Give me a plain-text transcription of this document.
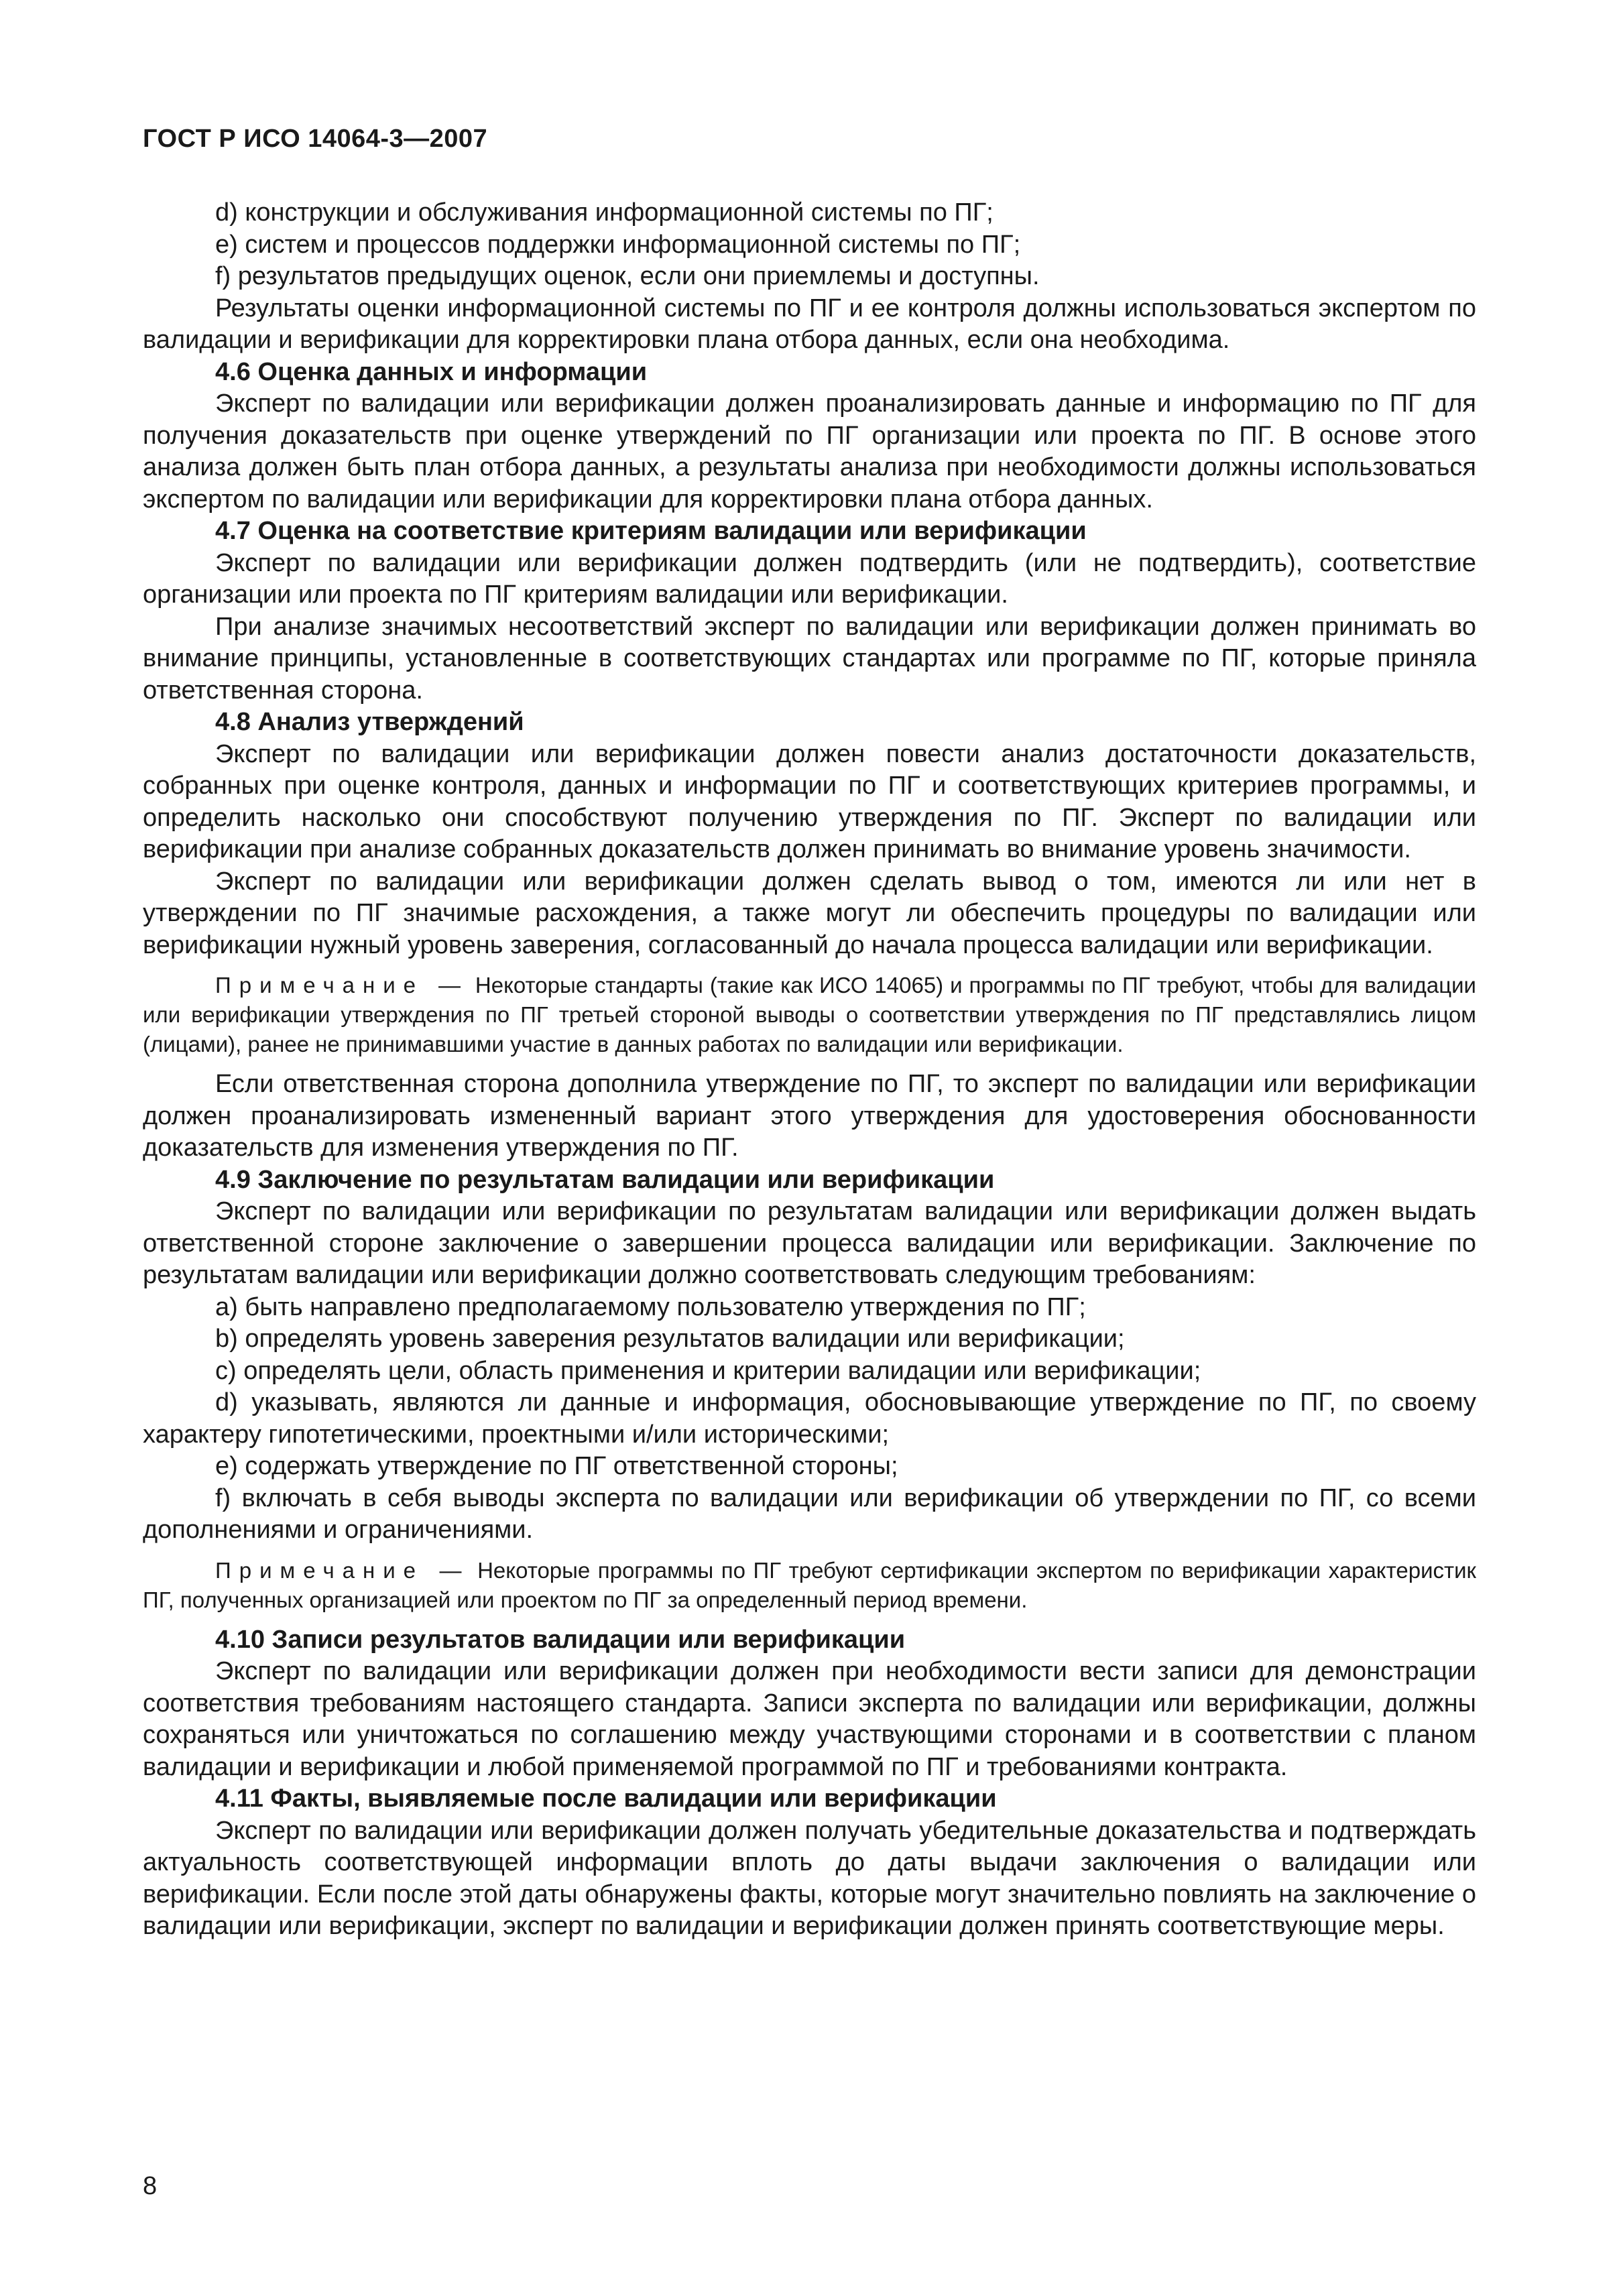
ГОСТ Р ИСО 14064-3—2007

d) конструкции и обслуживания информационной системы по ПГ;

e) систем и процессов поддержки информационной системы по ПГ;

f) результатов предыдущих оценок, если они приемлемы и доступны.

Результаты оценки информационной системы по ПГ и ее контроля должны использоваться экспертом по валидации и верификации для корректировки плана отбора данных, если она необходима.

4.6 Оценка данных и информации

Эксперт по валидации или верификации должен проанализировать данные и информацию по ПГ для получения доказательств при оценке утверждений по ПГ организации или проекта по ПГ. В основе этого анализа должен быть план отбора данных, а результаты анализа при необходимости должны использоваться экспертом по валидации или верификации для корректировки плана отбора данных.

4.7 Оценка на соответствие критериям валидации или верификации

Эксперт по валидации или верификации должен подтвердить (или не подтвердить), соответствие организации или проекта по ПГ критериям валидации или верификации.

При анализе значимых несоответствий эксперт по валидации или верификации должен принимать во внимание принципы, установленные в соответствующих стандартах или программе по ПГ, которые приняла ответственная сторона.

4.8 Анализ утверждений

Эксперт по валидации или верификации должен повести анализ достаточности доказательств, собранных при оценке контроля, данных и информации по ПГ и соответствующих критериев программы, и определить насколько они способствуют получению утверждения по ПГ. Эксперт по валидации или верификации при анализе собранных доказательств должен принимать во внимание уровень значимости.

Эксперт по валидации или верификации должен сделать вывод о том, имеются ли или нет в утверждении по ПГ значимые расхождения, а также могут ли обеспечить процедуры по валидации или верификации нужный уровень заверения, согласованный до начала процесса валидации или верификации.

Примечание — Некоторые стандарты (такие как ИСО 14065) и программы по ПГ требуют, чтобы для валидации или верификации утверждения по ПГ третьей стороной выводы о соответствии утверждения по ПГ представлялись лицом (лицами), ранее не принимавшими участие в данных работах по валидации или верификации.

Если ответственная сторона дополнила утверждение по ПГ, то эксперт по валидации или верификации должен проанализировать измененный вариант этого утверждения для удостоверения обоснованности доказательств для изменения утверждения по ПГ.

4.9 Заключение по результатам валидации или верификации

Эксперт по валидации или верификации по результатам валидации или верификации должен выдать ответственной стороне заключение о завершении процесса валидации или верификации. Заключение по результатам валидации или верификации должно соответствовать следующим требованиям:

a) быть направлено предполагаемому пользователю утверждения по ПГ;

b) определять уровень заверения результатов валидации или верификации;

c) определять цели, область применения и критерии валидации или верификации;

d) указывать, являются ли данные и информация, обосновывающие утверждение по ПГ, по своему характеру гипотетическими, проектными и/или историческими;

e) содержать утверждение по ПГ ответственной стороны;

f) включать в себя выводы эксперта по валидации или верификации об утверждении по ПГ, со всеми дополнениями и ограничениями.

Примечание — Некоторые программы по ПГ требуют сертификации экспертом по верификации характеристик ПГ, полученных организацией или проектом по ПГ за определенный период времени.

4.10 Записи результатов валидации или верификации

Эксперт по валидации или верификации должен при необходимости вести записи для демонстрации соответствия требованиям настоящего стандарта. Записи эксперта по валидации или верификации, должны сохраняться или уничтожаться по соглашению между участвующими сторонами и в соответствии с планом валидации и верификации и любой применяемой программой по ПГ и требованиями контракта.

4.11 Факты, выявляемые после валидации или верификации

Эксперт по валидации или верификации должен получать убедительные доказательства и подтверждать актуальность соответствующей информации вплоть до даты выдачи заключения о валидации или верификации. Если после этой даты обнаружены факты, которые могут значительно повлиять на заключение о валидации или верификации, эксперт по валидации и верификации должен принять соответствующие меры.

8
